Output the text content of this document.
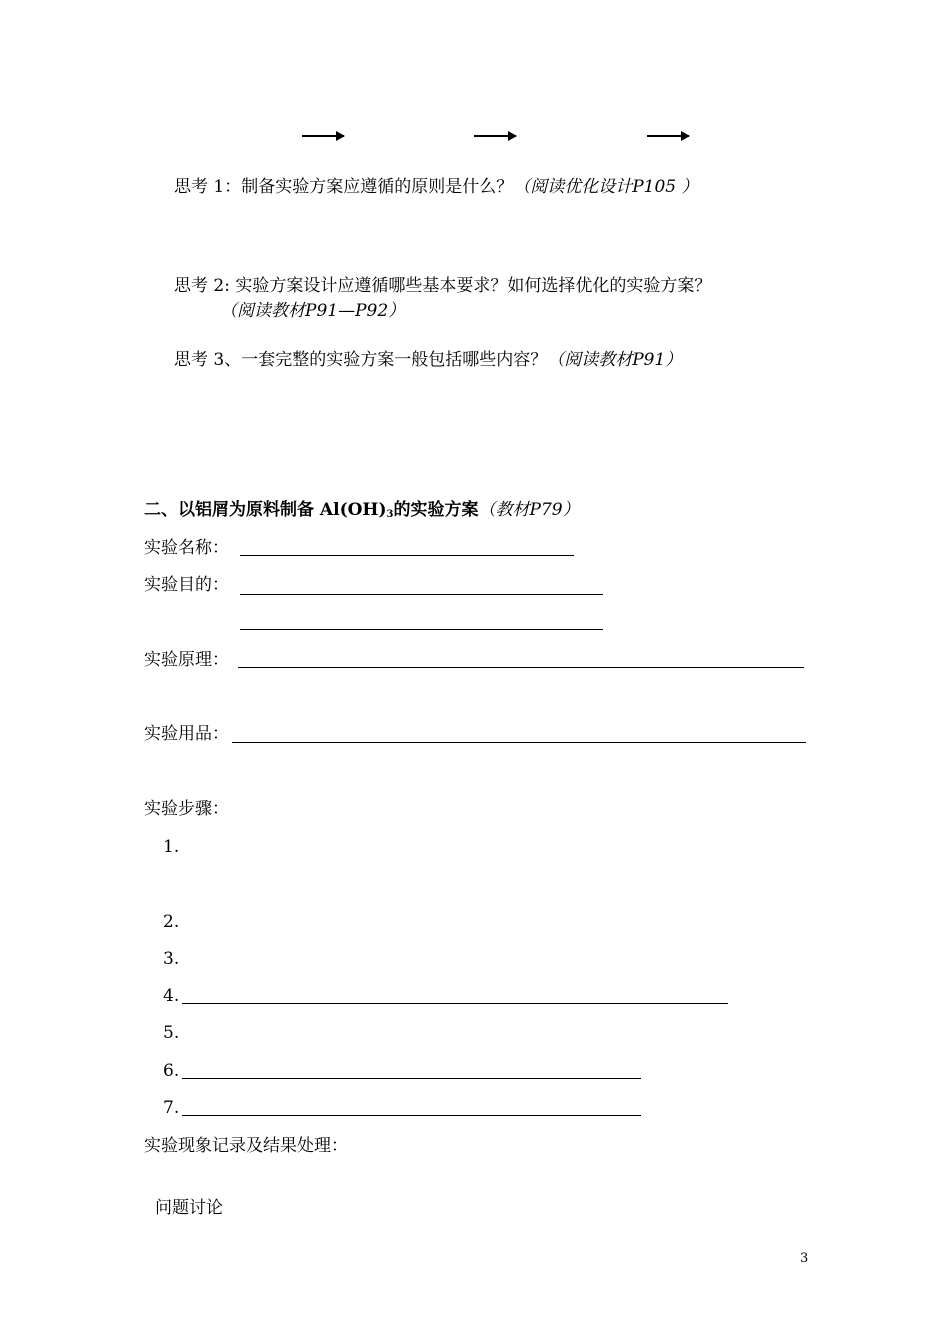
思考 1：制备实验方案应遵循的原则是什么？（阅读优化设计P105 ）
思考 2: 实验方案设计应遵循哪些基本要求？如何选择优化的实验方案？
（阅读教材P91—P92）
思考 3、一套完整的实验方案一般包括哪些内容？（阅读教材P91）
二、以铝屑为原料制备 $Al(OH)_3$的实验方案（教材P79）
实验名称：
实验目的：
实验原理：
实验用品：
实验步骤：
1.
2.
3.
4.
5.
6.
7.
实验现象记录及结果处理：
问题讨论
3
